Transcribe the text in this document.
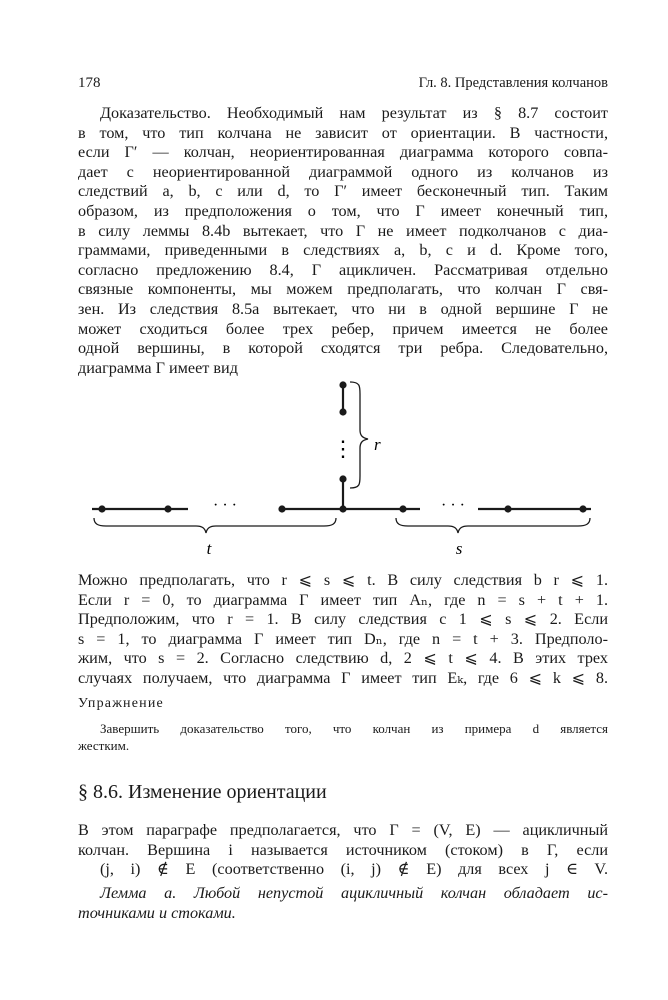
178	Гл. 8. Представления колчанов
Доказательство. Необходимый нам результат из § 8.7 состоит
в том, что тип колчана не зависит от ориентации. В частности,
если Γ′ — колчан, неориентированная диаграмма которого совпа-
дает с неориентированной диаграммой одного из колчанов из
следствий а, b, с или d, то Γ′ имеет бесконечный тип. Таким
образом, из предположения о том, что Γ имеет конечный тип,
в силу леммы 8.4b вытекает, что Γ не имеет подколчанов с диа-
граммами, приведенными в следствиях а, b, с и d. Кроме того,
согласно предложению 8.4, Γ ацикличен. Рассматривая отдельно
связные компоненты, мы можем предполагать, что колчан Γ свя-
зен. Из следствия 8.5а вытекает, что ни в одной вершине Γ не
может сходиться более трех ребер, причем имеется не более
одной вершины, в которой сходятся три ребра. Следовательно,
диаграмма Γ имеет вид
· · ·	· · ·
⋮ r
t	s
Можно предполагать, что r ⩽ s ⩽ t. В силу следствия b r ⩽ 1.
Если r = 0, то диаграмма Γ имеет тип Aₙ, где n = s + t + 1.
Предположим, что r = 1. В силу следствия с 1 ⩽ s ⩽ 2. Если
s = 1, то диаграмма Γ имеет тип Dₙ, где n = t + 3. Предполо-
жим, что s = 2. Согласно следствию d, 2 ⩽ t ⩽ 4. В этих трех
случаях получаем, что диаграмма Γ имеет тип Eₖ, где 6 ⩽ k ⩽ 8.
Упражнение
Завершить доказательство того, что колчан из примера d является
жестким.
§ 8.6. Изменение ориентации
В этом параграфе предполагается, что Γ = (V, E) — ацикличный
колчан. Вершина i называется источником (стоком) в Γ, если
(j, i) ∉ E (соответственно (i, j) ∉ E) для всех j ∈ V.
Лемма а. Любой непустой ацикличный колчан обладает ис-
точниками и стоками.
